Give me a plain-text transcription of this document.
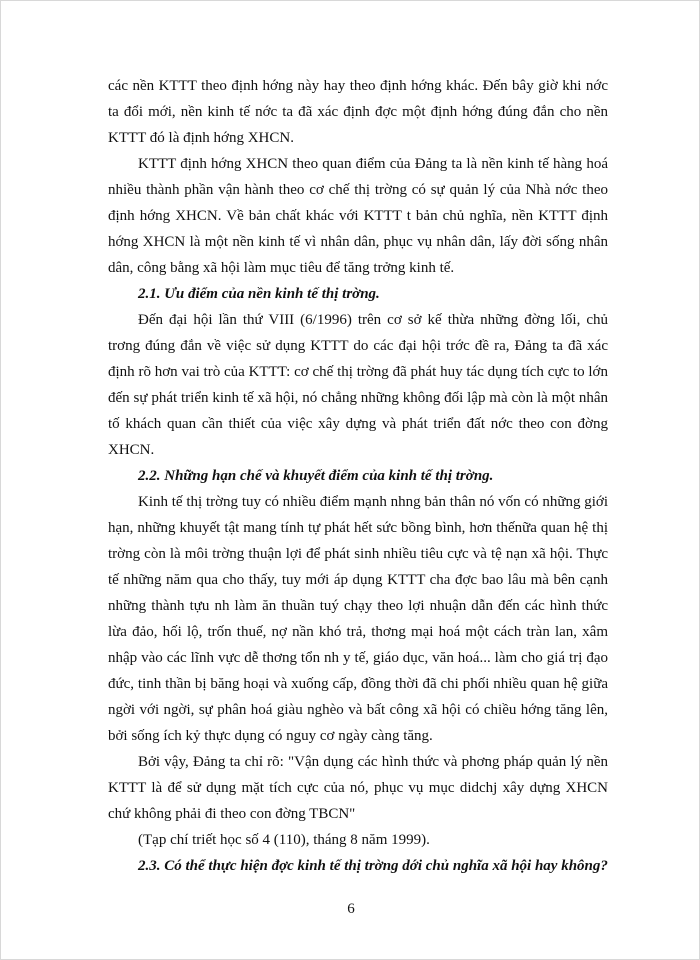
các nền KTTT theo định hớng này hay theo định hớng khác. Đến bây giờ khi nớc ta đổi mới, nền kinh tế nớc ta đã xác định đợc một định hớng đúng đắn cho nền KTTT đó là định hớng XHCN.

KTTT định hớng XHCN theo quan điểm của Đảng ta là nền kinh tế hàng hoá nhiều thành phần vận hành theo cơ chế thị trờng có sự quản lý của Nhà nớc theo định hớng XHCN. Về bản chất khác với KTTT t bản chủ nghĩa, nền KTTT định hớng XHCN là một nền kinh tế vì nhân dân, phục vụ nhân dân, lấy đời sống nhân dân, công bằng xã hội làm mục tiêu để tăng trởng kinh tế.

2.1. Ưu điểm của nền kinh tế thị trờng.

Đến đại hội lần thứ VIII (6/1996) trên cơ sở kế thừa những đờng lối, chủ trơng đúng đắn về việc sử dụng KTTT do các đại hội trớc đề ra, Đảng ta đã xác định rõ hơn vai trò của KTTT: cơ chế thị trờng đã phát huy tác dụng tích cực to lớn đến sự phát triển kinh tế xã hội, nó chẳng những không đối lập mà còn là một nhân tố khách quan cần thiết của việc xây dựng và phát triển đất nớc theo con đờng XHCN.

2.2. Những hạn chế và khuyết điểm của kinh tế thị trờng.

Kinh tế thị trờng tuy có nhiều điểm mạnh nhng bản thân nó vốn có những giới hạn, những khuyết tật mang tính tự phát hết sức bồng bình, hơn thếnữa quan hệ thị trờng còn là môi trờng thuận lợi để phát sinh nhiều tiêu cực và tệ nạn xã hội. Thực tế những năm qua cho thấy, tuy mới áp dụng KTTT cha đợc bao lâu mà bên cạnh những thành tựu nh làm ăn thuần tuý chạy theo lợi nhuận dẫn đến các hình thức lừa đảo, hối lộ, trốn thuế, nợ nần khó trả, thơng mại hoá một cách tràn lan, xâm nhập vào các lĩnh vực dễ thơng tổn nh y tế, giáo dục, văn hoá... làm cho giá trị đạo đức, tinh thần bị băng hoại và xuống cấp, đồng thời đã chi phối nhiều quan hệ giữa ngời với ngời, sự phân hoá giàu nghèo và bất công xã hội có chiều hớng tăng lên, bởi sống ích kỷ thực dụng có nguy cơ ngày càng tăng.

Bởi vậy, Đảng ta chỉ rõ: "Vận dụng các hình thức và phơng pháp quản lý nền KTTT là để sử dụng mặt tích cực của nó, phục vụ mục didchj xây dựng XHCN chứ không phải đi theo con đờng TBCN"

(Tạp chí triết học số 4 (110), tháng 8 năm 1999).

2.3. Có thể thực hiện đợc kinh tế thị trờng dới chủ nghĩa xã hội hay không?
6
